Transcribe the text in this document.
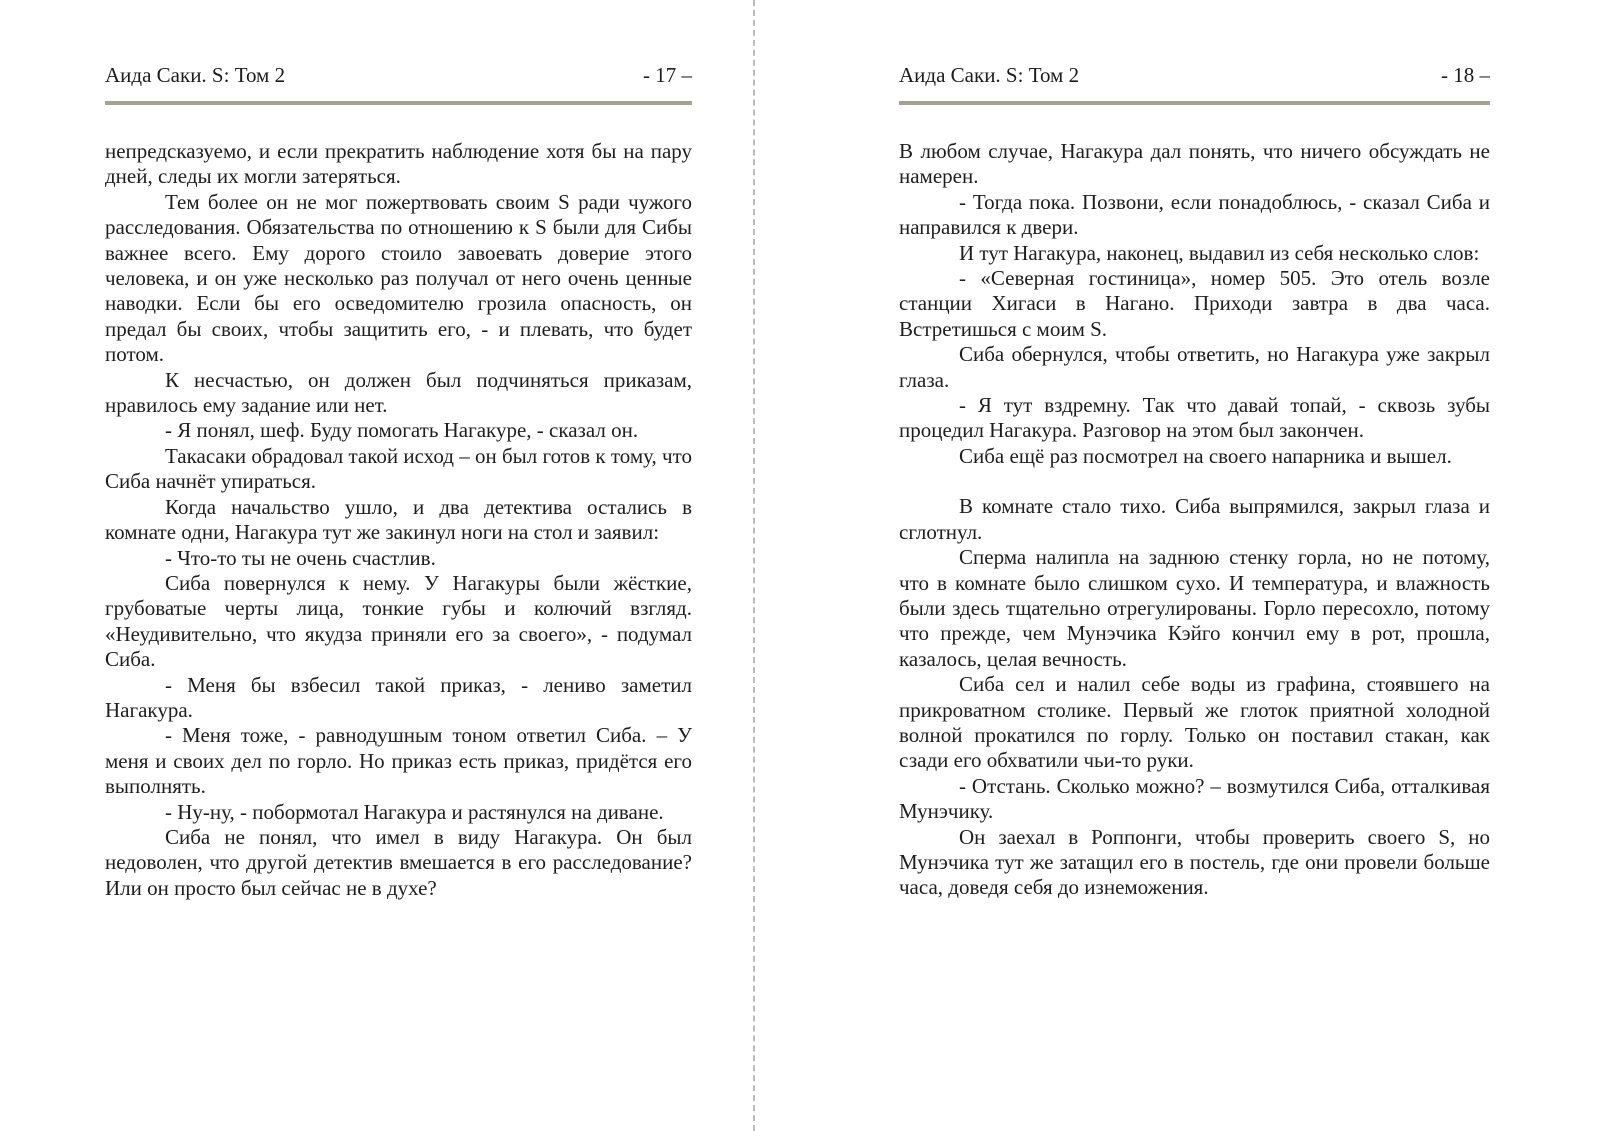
Аида Саки. S: Том 2	- 17 –

непредсказуемо, и если прекратить наблюдение хотя бы на пару дней, следы их могли затеряться.

Тем более он не мог пожертвовать своим S ради чужого расследования. Обязательства по отношению к S были для Сибы важнее всего. Ему дорого стоило завоевать доверие этого человека, и он уже несколько раз получал от него очень ценные наводки. Если бы его осведомителю грозила опасность, он предал бы своих, чтобы защитить его, - и плевать, что будет потом.

К несчастью, он должен был подчиняться приказам, нравилось ему задание или нет.

- Я понял, шеф. Буду помогать Нагакуре, - сказал он.

Такасаки обрадовал такой исход – он был готов к тому, что Сиба начнёт упираться.

Когда начальство ушло, и два детектива остались в комнате одни, Нагакура тут же закинул ноги на стол и заявил:

- Что-то ты не очень счастлив.

Сиба повернулся к нему. У Нагакуры были жёсткие, грубоватые черты лица, тонкие губы и колючий взгляд. «Неудивительно, что якудза приняли его за своего», - подумал Сиба.

- Меня бы взбесил такой приказ, - лениво заметил Нагакура.

- Меня тоже, - равнодушным тоном ответил Сиба. – У меня и своих дел по горло. Но приказ есть приказ, придётся его выполнять.

- Ну-ну, - побормотал Нагакура и растянулся на диване.

Сиба не понял, что имел в виду Нагакура. Он был недоволен, что другой детектив вмешается в его расследование? Или он просто был сейчас не в духе?

Аида Саки. S: Том 2	- 18 –

В любом случае, Нагакура дал понять, что ничего обсуждать не намерен.

- Тогда пока. Позвони, если понадоблюсь, - сказал Сиба и направился к двери.

И тут Нагакура, наконец, выдавил из себя несколько слов:

- «Северная гостиница», номер 505. Это отель возле станции Хигаси в Нагано. Приходи завтра в два часа. Встретишься с моим S.

Сиба обернулся, чтобы ответить, но Нагакура уже закрыл глаза.

- Я тут вздремну. Так что давай топай, - сквозь зубы процедил Нагакура. Разговор на этом был закончен.

Сиба ещё раз посмотрел на своего напарника и вышел.

В комнате стало тихо. Сиба выпрямился, закрыл глаза и сглотнул.

Сперма налипла на заднюю стенку горла, но не потому, что в комнате было слишком сухо. И температура, и влажность были здесь тщательно отрегулированы. Горло пересохло, потому что прежде, чем Мунэчика Кэйго кончил ему в рот, прошла, казалось, целая вечность.

Сиба сел и налил себе воды из графина, стоявшего на прикроватном столике. Первый же глоток приятной холодной волной прокатился по горлу. Только он поставил стакан, как сзади его обхватили чьи-то руки.

- Отстань. Сколько можно? – возмутился Сиба, отталкивая Мунэчику.

Он заехал в Роппонги, чтобы проверить своего S, но Мунэчика тут же затащил его в постель, где они провели больше часа, доведя себя до изнеможения.
